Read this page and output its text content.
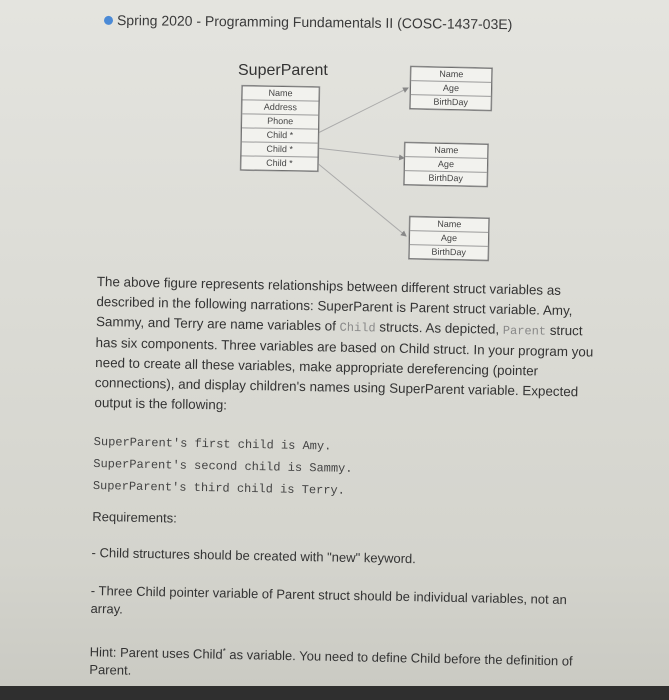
Spring 2020 - Programming Fundamentals II (COSC-1437-03E)
SuperParent
Name
Address
Phone
Child *
Child *
Child *
Name
Age
BirthDay
Name
Age
BirthDay
Name
Age
BirthDay

The above figure represents relationships between different struct variables as described in the following narrations: SuperParent is Parent struct variable. Amy, Sammy, and Terry are name variables of Child structs. As depicted, Parent struct has six components. Three variables are based on Child struct. In your program you need to create all these variables, make appropriate dereferencing (pointer connections), and display children's names using SuperParent variable. Expected output is the following:

SuperParent's first child is Amy.
SuperParent's second child is Sammy.
SuperParent's third child is Terry.
Requirements:
- Child structures should be created with "new" keyword.
- Three Child pointer variable of Parent struct should be individual variables, not an array.
Hint: Parent uses Child* as variable. You need to define Child before the definition of Parent.
